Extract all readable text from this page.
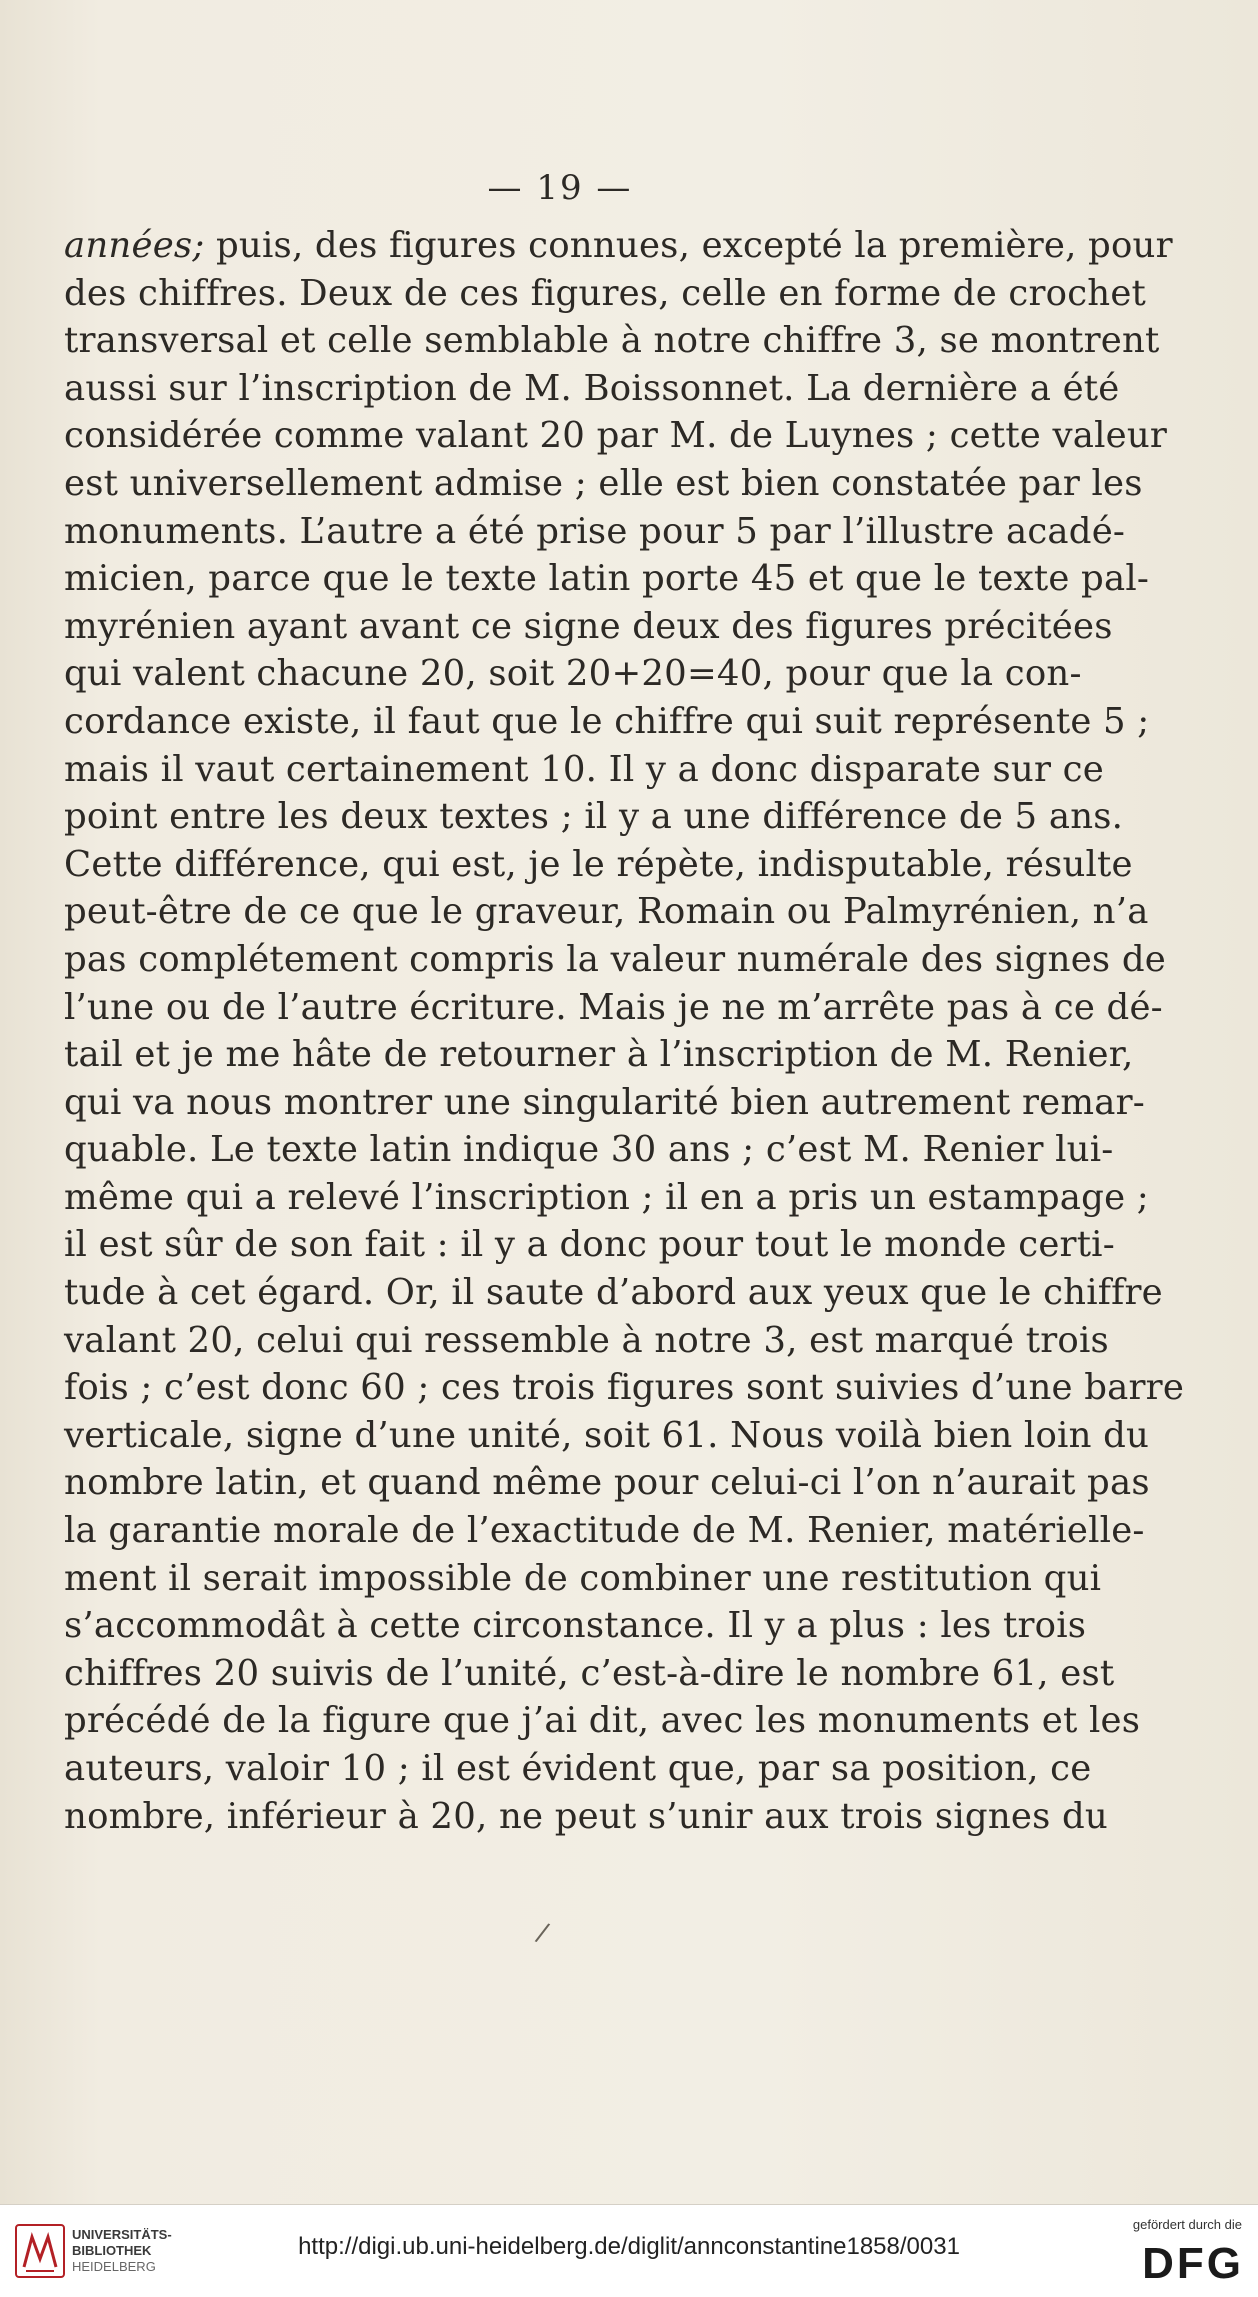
— 19 —
années; puis, des figures connues, excepté la première, pour
des chiffres. Deux de ces figures, celle en forme de crochet
transversal et celle semblable à notre chiffre 3, se montrent
aussi sur l’inscription de M. Boissonnet. La dernière a été
considérée comme valant 20 par M. de Luynes ; cette valeur
est universellement admise ; elle est bien constatée par les
monuments. L’autre a été prise pour 5 par l’illustre acadé-
micien, parce que le texte latin porte 45 et que le texte pal-
myrénien ayant avant ce signe deux des figures précitées
qui valent chacune 20, soit 20+20=40, pour que la con-
cordance existe, il faut que le chiffre qui suit représente 5 ;
mais il vaut certainement 10. Il y a donc disparate sur ce
point entre les deux textes ; il y a une différence de 5 ans.
Cette différence, qui est, je le répète, indisputable, résulte
peut-être de ce que le graveur, Romain ou Palmyrénien, n’a
pas complétement compris la valeur numérale des signes de
l’une ou de l’autre écriture. Mais je ne m’arrête pas à ce dé-
tail et je me hâte de retourner à l’inscription de M. Renier,
qui va nous montrer une singularité bien autrement remar-
quable. Le texte latin indique 30 ans ; c’est M. Renier lui-
même qui a relevé l’inscription ; il en a pris un estampage ;
il est sûr de son fait : il y a donc pour tout le monde certi-
tude à cet égard. Or, il saute d’abord aux yeux que le chiffre
valant 20, celui qui ressemble à notre 3, est marqué trois
fois ; c’est donc 60 ; ces trois figures sont suivies d’une barre
verticale, signe d’une unité, soit 61. Nous voilà bien loin du
nombre latin, et quand même pour celui-ci l’on n’aurait pas
la garantie morale de l’exactitude de M. Renier, matérielle-
ment il serait impossible de combiner une restitution qui
s’accommodât à cette circonstance. Il y a plus : les trois
chiffres 20 suivis de l’unité, c’est-à-dire le nombre 61, est
précédé de la figure que j’ai dit, avec les monuments et les
auteurs, valoir 10 ; il est évident que, par sa position, ce
nombre, inférieur à 20, ne peut s’unir aux trois signes du
/
UNIVERSITÄTS-
BIBLIOTHEK
HEIDELBERG
http://digi.ub.uni-heidelberg.de/diglit/annconstantine1858/0031
gefördert durch die
DFG
